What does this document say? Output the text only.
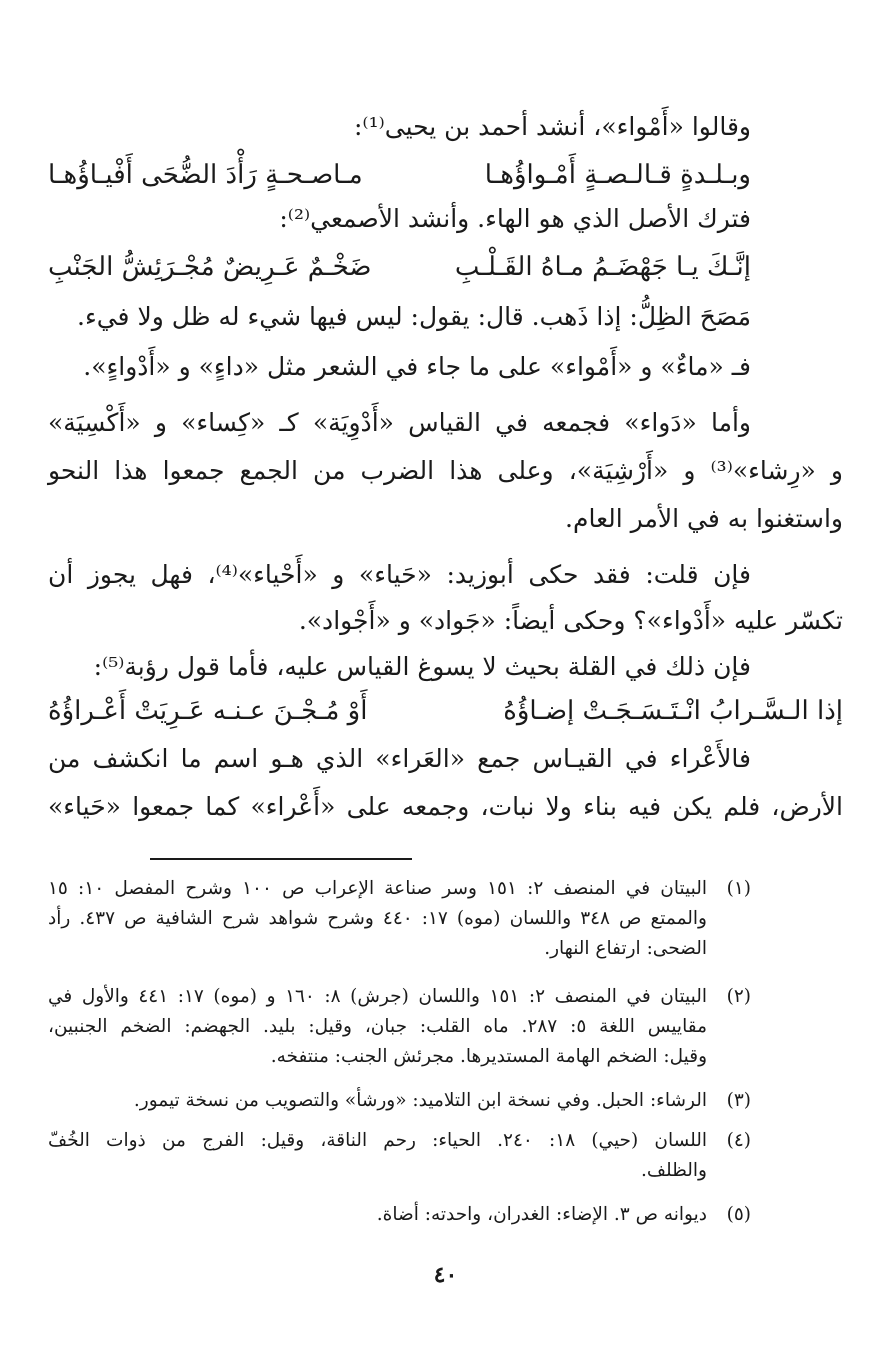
وقالوا «أَمْواء»، أنشد أحمد بن يحيى⁽¹⁾:
وبـلـدةٍ قـالـصـةٍ أَمْـواؤُهـا
مـاصـحـةٍ رَأْدَ الضُّحَى أَفْيـاؤُهـا
فترك الأصل الذي هو الهاء. وأنشد الأصمعي⁽²⁾:
إنَّـكَ يـا جَهْضَـمُ مـاهُ القَـلْـبِ
ضَخْـمٌ عَـرِيضٌ مُجْـرَئِشُّ الجَنْبِ
مَصَحَ الظِلُّ: إذا ذَهب. قال: يقول: ليس فيها شيء له ظل ولا فيء.
فـ «ماءٌ» و «أَمْواء» على ما جاء في الشعر مثل «داءٍ» و «أَدْواءٍ».
وأما «دَواء» فجمعه في القياس «أَدْوِيَة» كـ «كِساء» و «أَكْسِيَة»
و «رِشاء»⁽³⁾ و «أَرْشِيَة»، وعلى هذا الضرب من الجمع جمعوا هذا النحو
واستغنوا به في الأمر العام.
فإن قلت: فقد حكى أبوزيد: «حَياء» و «أَحْياء»⁽⁴⁾، فهل يجوز أن
تكسّر عليه «أَدْواء»؟ وحكى أيضاً: «جَواد» و «أَجْواد».
فإن ذلك في القلة بحيث لا يسوغ القياس عليه، فأما قول رؤبة⁽⁵⁾:
إذا الـسَّـرابُ انْـتَـسَـجَـتْ إضـاؤُهُ
أَوْ مُـجْـنَ عـنـه عَـرِيَتْ أَعْـراؤُهُ
فالأَعْراء في القيـاس جمع «العَراء» الذي هـو اسم ما انكشف من
الأرض، فلم يكن فيه بناء ولا نبات، وجمعه على «أَعْراء» كما جمعوا «حَياء»
(١)
البيتان في المنصف ٢: ١٥١ وسر صناعة الإعراب ص ١٠٠ وشرح المفصل ١٠: ١٥
والممتع ص ٣٤٨ واللسان (موه) ١٧: ٤٤٠ وشرح شواهد شرح الشافية ص ٤٣٧. رأد
الضحى: ارتفاع النهار.
(٢)
البيتان في المنصف ٢: ١٥١ واللسان (جرش) ٨: ١٦٠ و (موه) ١٧: ٤٤١ والأول في
مقاييس اللغة ٥: ٢٨٧. ماه القلب: جبان، وقيل: بليد. الجهضم: الضخم الجنبين،
وقيل: الضخم الهامة المستديرها. مجرئش الجنب: منتفخه.
(٣)
الرشاء: الحبل. وفي نسخة ابن التلاميد: «ورشأ» والتصويب من نسخة تيمور.
(٤)
اللسان (حيي) ١٨: ٢٤٠. الحياء: رحم الناقة، وقيل: الفرج من ذوات الخُفّ
والظلف.
(٥)
ديوانه ص ٣. الإضاء: الغدران، واحدته: أضاة.
٤٠
